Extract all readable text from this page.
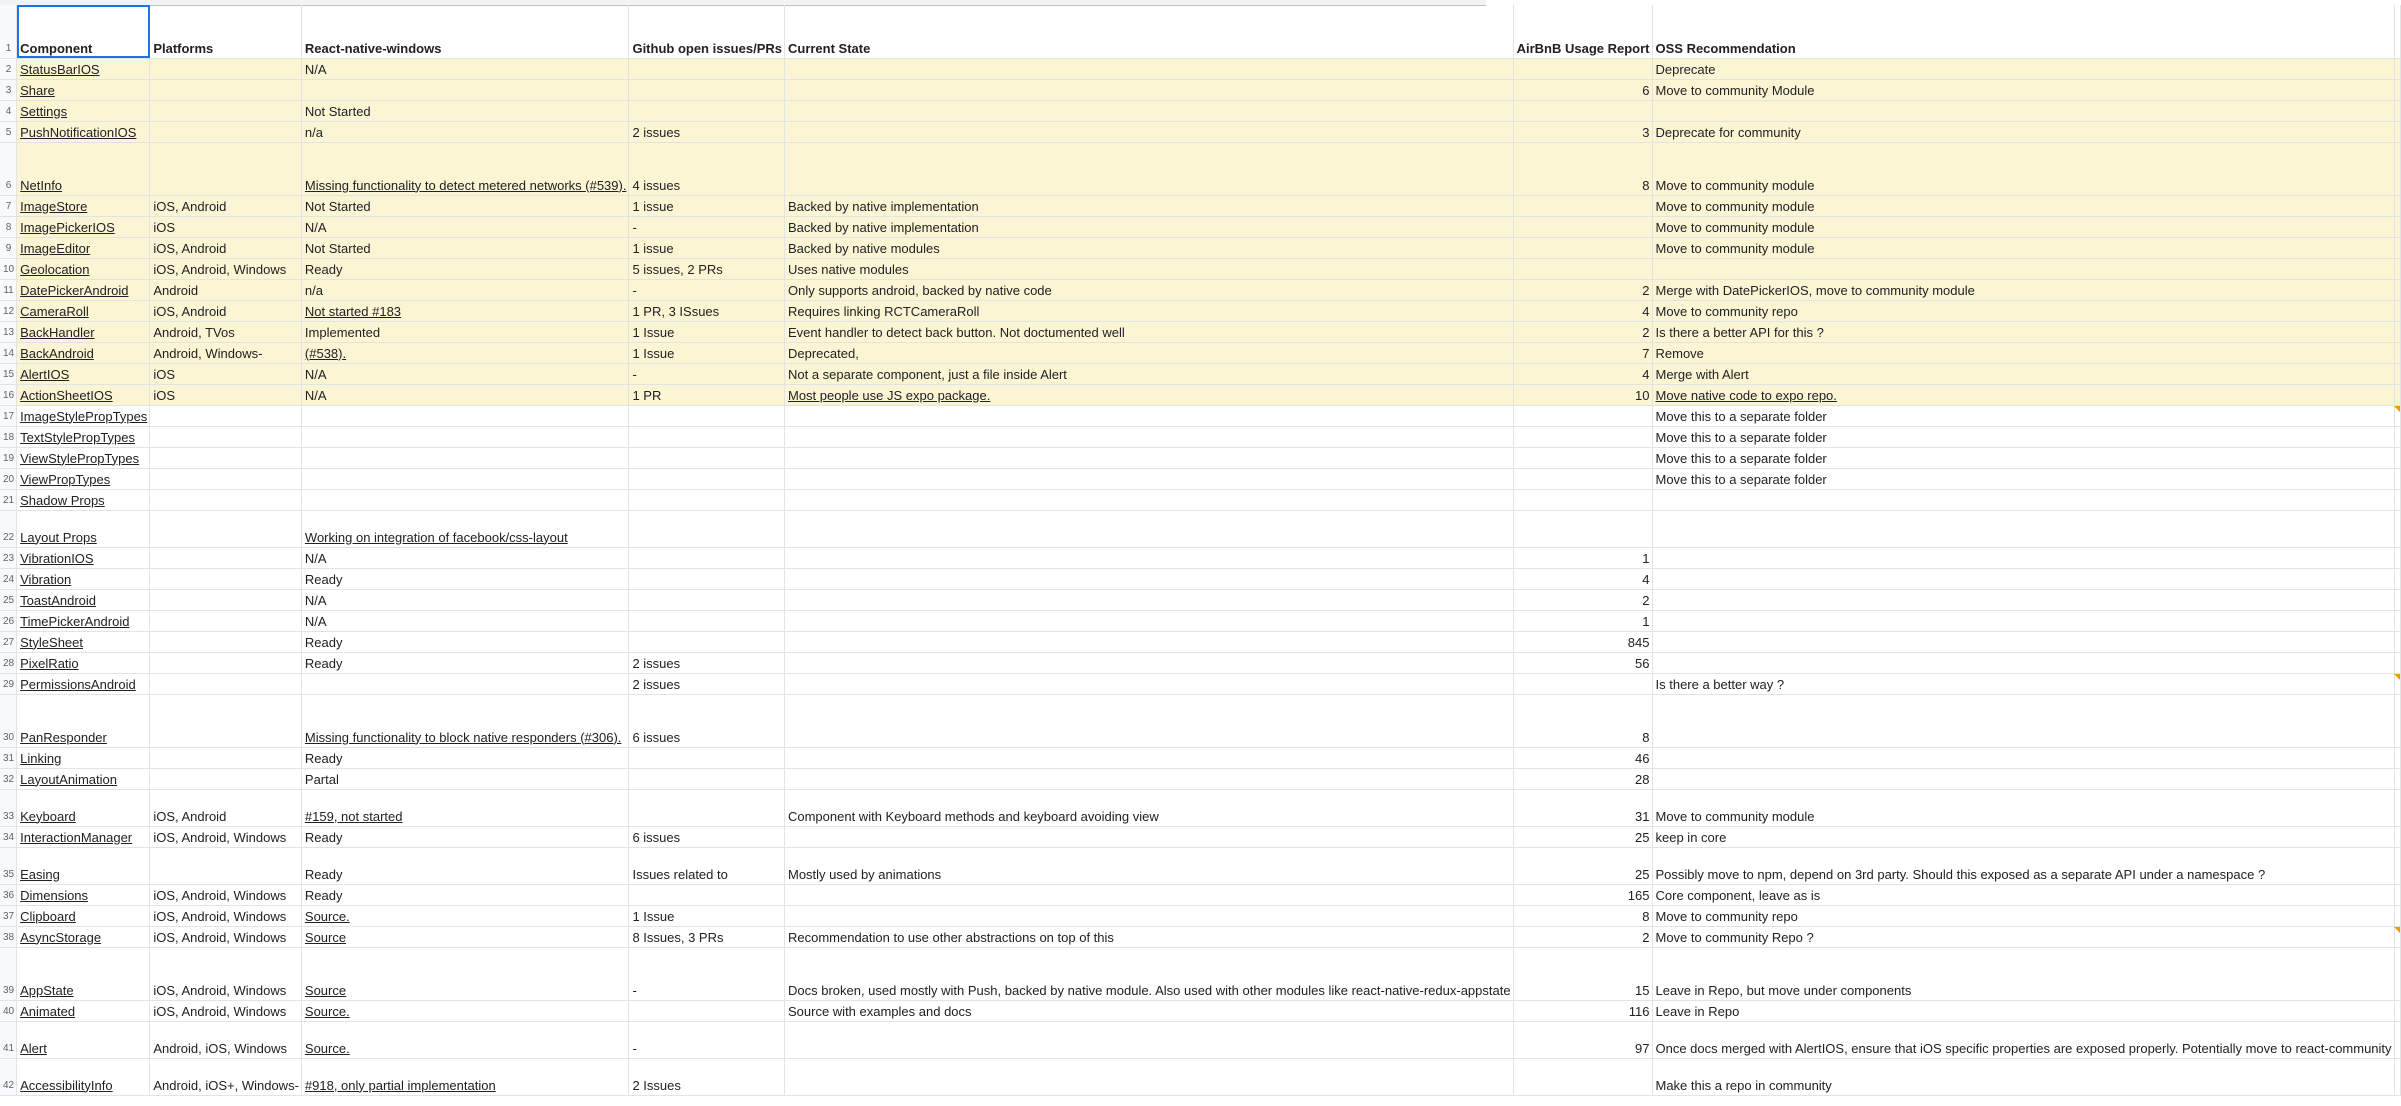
1	Component	Platforms	React-native-windows	Github open issues/PRs	Current State	AirBnB Usage Report	OSS Recommendation	
2	StatusBarIOS		N/A				Deprecate	
3	Share					6	Move to community Module	
4	Settings		Not Started					
5	PushNotificationIOS		n/a	2 issues		3	Deprecate for community	
6	NetInfo		Missing functionality to detect metered networks (#539).	4 issues		8	Move to community module	
7	ImageStore	iOS, Android	Not Started	1 issue	Backed by native implementation		Move to community module	
8	ImagePickerIOS	iOS	N/A	-	Backed by native implementation		Move to community module	
9	ImageEditor	iOS, Android	Not Started	1 issue	Backed by native modules		Move to community module	
10	Geolocation	iOS, Android, Windows	Ready	5 issues, 2 PRs	Uses native modules			
11	DatePickerAndroid	Android	n/a	-	Only supports android, backed by native code	2	Merge with DatePickerIOS, move to community module	
12	CameraRoll	iOS, Android	Not started #183	1 PR, 3 ISsues	Requires linking RCTCameraRoll	4	Move to community repo	
13	BackHandler	Android, TVos	Implemented	1 Issue	Event handler to detect back button. Not doctumented well	2	Is there a better API for this ?	
14	BackAndroid	Android, Windows-	(#538).	1 Issue	Deprecated,	7	Remove	
15	AlertIOS	iOS	N/A	-	Not a separate component, just a file inside Alert	4	Merge with Alert	
16	ActionSheetIOS	iOS	N/A	1 PR	Most people use JS expo package.	10	Move native code to expo repo.	
17	ImageStylePropTypes						Move this to a separate folder	
18	TextStylePropTypes						Move this to a separate folder	
19	ViewStylePropTypes						Move this to a separate folder	
20	ViewPropTypes						Move this to a separate folder	
21	Shadow Props							
22	Layout Props		Working on integration of facebook/css-layout					
23	VibrationIOS		N/A			1		
24	Vibration		Ready			4		
25	ToastAndroid		N/A			2		
26	TimePickerAndroid		N/A			1		
27	StyleSheet		Ready			845		
28	PixelRatio		Ready	2 issues		56		
29	PermissionsAndroid			2 issues			Is there a better way ?	
30	PanResponder		Missing functionality to block native responders (#306).	6 issues		8		
31	Linking		Ready			46		
32	LayoutAnimation		Partal			28		
33	Keyboard	iOS, Android	#159, not started		Component with Keyboard methods and keyboard avoiding view	31	Move to community module	
34	InteractionManager	iOS, Android, Windows	Ready	6 issues		25	keep in core	
35	Easing		Ready	Issues related to	Mostly used by animations	25	Possibly move to npm, depend on 3rd party. Should this exposed as a separate API under a namespace ?	
36	Dimensions	iOS, Android, Windows	Ready			165	Core component, leave as is	
37	Clipboard	iOS, Android, Windows	Source.	1 Issue		8	Move to community repo	
38	AsyncStorage	iOS, Android, Windows	Source	8 Issues, 3 PRs	Recommendation to use other abstractions on top of this	2	Move to community Repo ?	
39	AppState	iOS, Android, Windows	Source	-	Docs broken, used mostly with Push, backed by native module. Also used with other modules like react-native-redux-appstate	15	Leave in Repo, but move under components	
40	Animated	iOS, Android, Windows	Source.		Source with examples and docs	116	Leave in Repo	
41	Alert	Android, iOS, Windows	Source.	-		97	Once docs merged with AlertIOS, ensure that iOS specific properties are exposed properly. Potentially move to react-community	
42	AccessibilityInfo	Android, iOS+, Windows-	#918, only partial implementation	2 Issues			Make this a repo in community	
